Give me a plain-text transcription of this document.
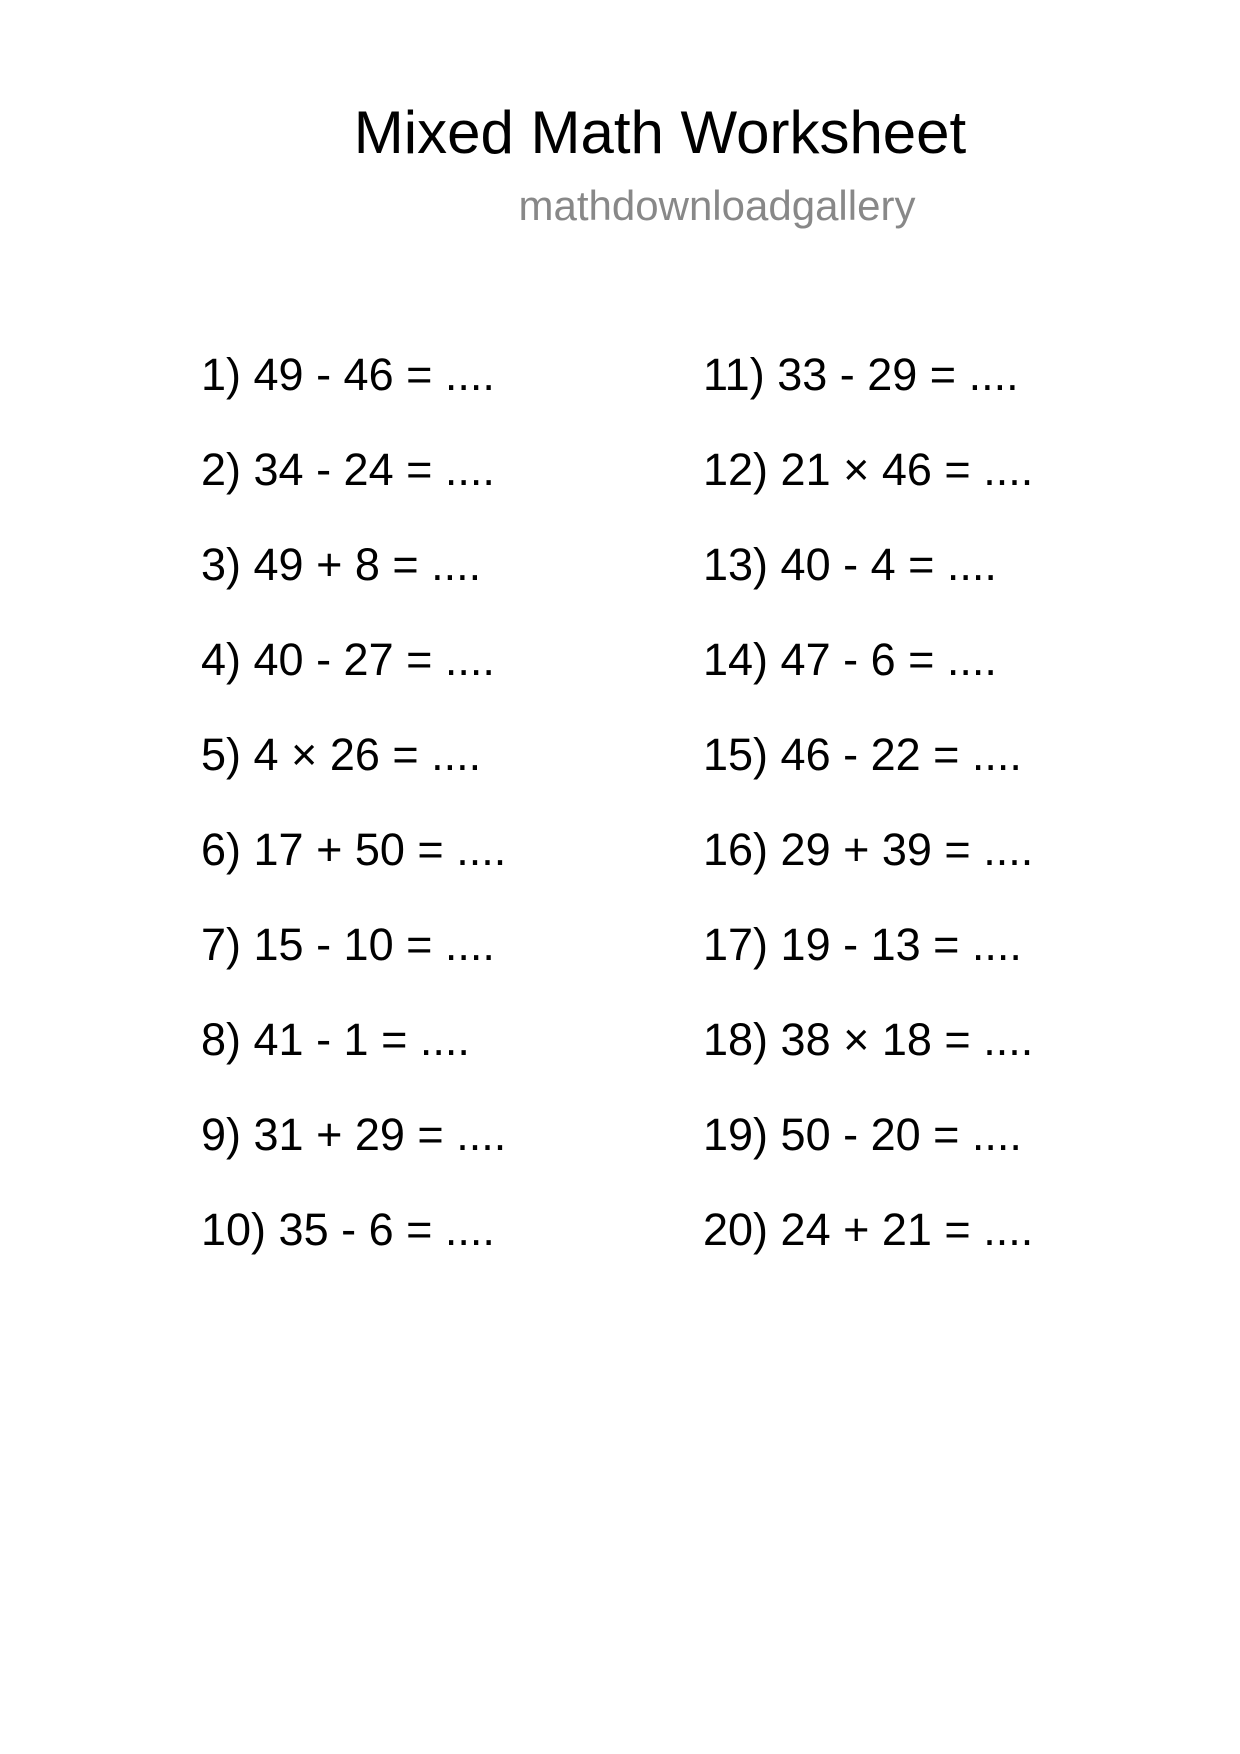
Mixed Math Worksheet
mathdownloadgallery
1) 49 - 46 = ....
2) 34 - 24 = ....
3) 49 + 8 = ....
4) 40 - 27 = ....
5) 4 × 26 = ....
6) 17 + 50 = ....
7) 15 - 10 = ....
8) 41 - 1 = ....
9) 31 + 29 = ....
10) 35 - 6 = ....
11) 33 - 29 = ....
12) 21 × 46 = ....
13) 40 - 4 = ....
14) 47 - 6 = ....
15) 46 - 22 = ....
16) 29 + 39 = ....
17) 19 - 13 = ....
18) 38 × 18 = ....
19) 50 - 20 = ....
20) 24 + 21 = ....
